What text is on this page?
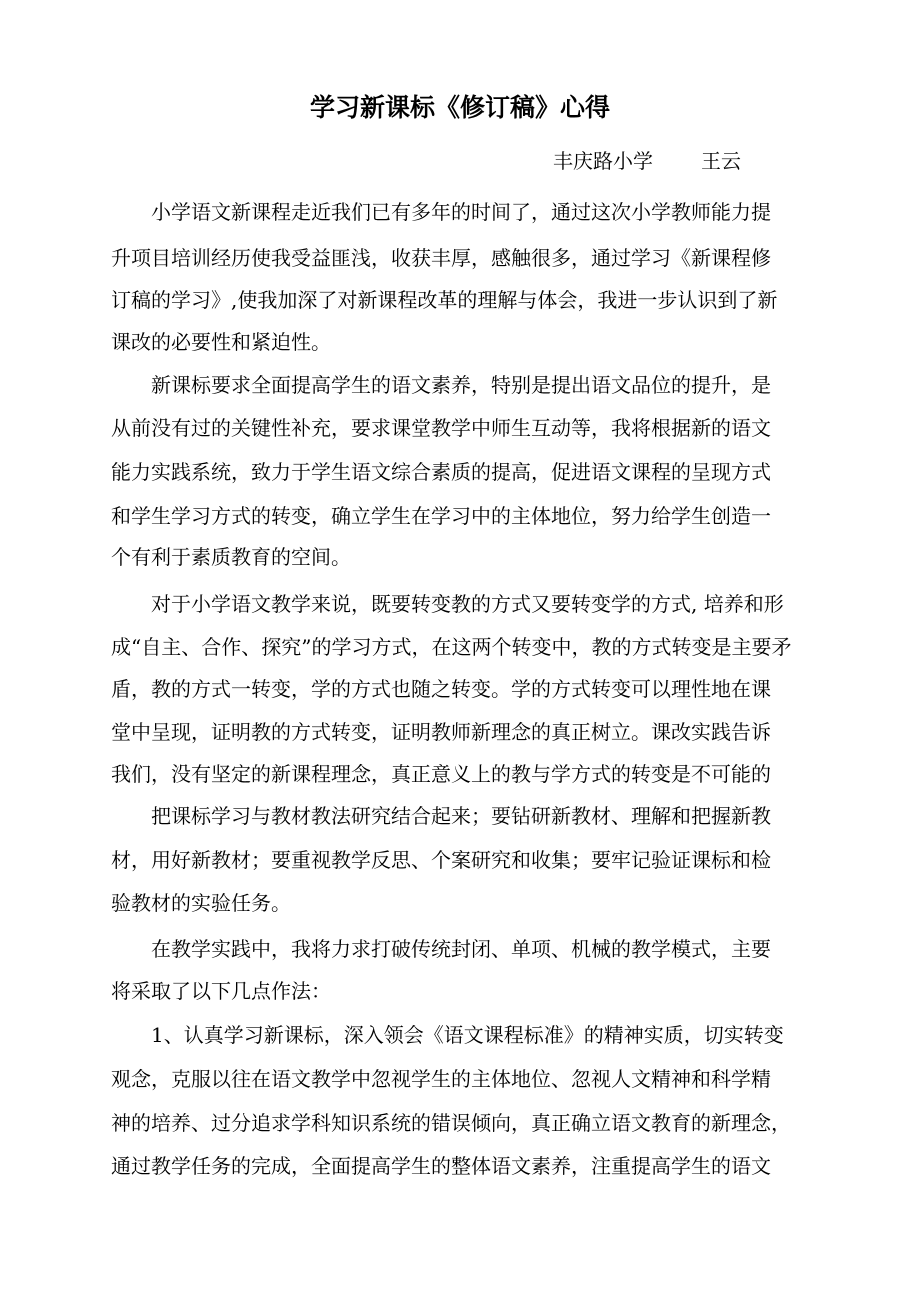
学习新课标《修订稿》心得
丰庆路小学 王云
小学语文新课程走近我们已有多年的时间了，通过这次小学教师能力提
升项目培训经历使我受益匪浅，收获丰厚，感触很多，通过学习《新课程修
订稿的学习》,使我加深了对新课程改革的理解与体会，我进一步认识到了新
课改的必要性和紧迫性。
新课标要求全面提高学生的语文素养，特别是提出语文品位的提升，是
从前没有过的关键性补充，要求课堂教学中师生互动等，我将根据新的语文
能力实践系统，致力于学生语文综合素质的提高，促进语文课程的呈现方式
和学生学习方式的转变，确立学生在学习中的主体地位，努力给学生创造一
个有利于素质教育的空间。
对于小学语文教学来说，既要转变教的方式又要转变学的方式, 培养和形
成“自主、合作、探究”的学习方式，在这两个转变中，教的方式转变是主要矛
盾，教的方式一转变，学的方式也随之转变。学的方式转变可以理性地在课
堂中呈现，证明教的方式转变，证明教师新理念的真正树立。课改实践告诉
我们，没有坚定的新课程理念，真正意义上的教与学方式的转变是不可能的
把课标学习与教材教法研究结合起来；要钻研新教材、理解和把握新教
材，用好新教材；要重视教学反思、个案研究和收集；要牢记验证课标和检
验教材的实验任务。
在教学实践中，我将力求打破传统封闭、单项、机械的教学模式，主要
将采取了以下几点作法：
1、认真学习新课标，深入领会《语文课程标准》的精神实质，切实转变
观念，克服以往在语文教学中忽视学生的主体地位、忽视人文精神和科学精
神的培养、过分追求学科知识系统的错误倾向，真正确立语文教育的新理念，
通过教学任务的完成，全面提高学生的整体语文素养，注重提高学生的语文
